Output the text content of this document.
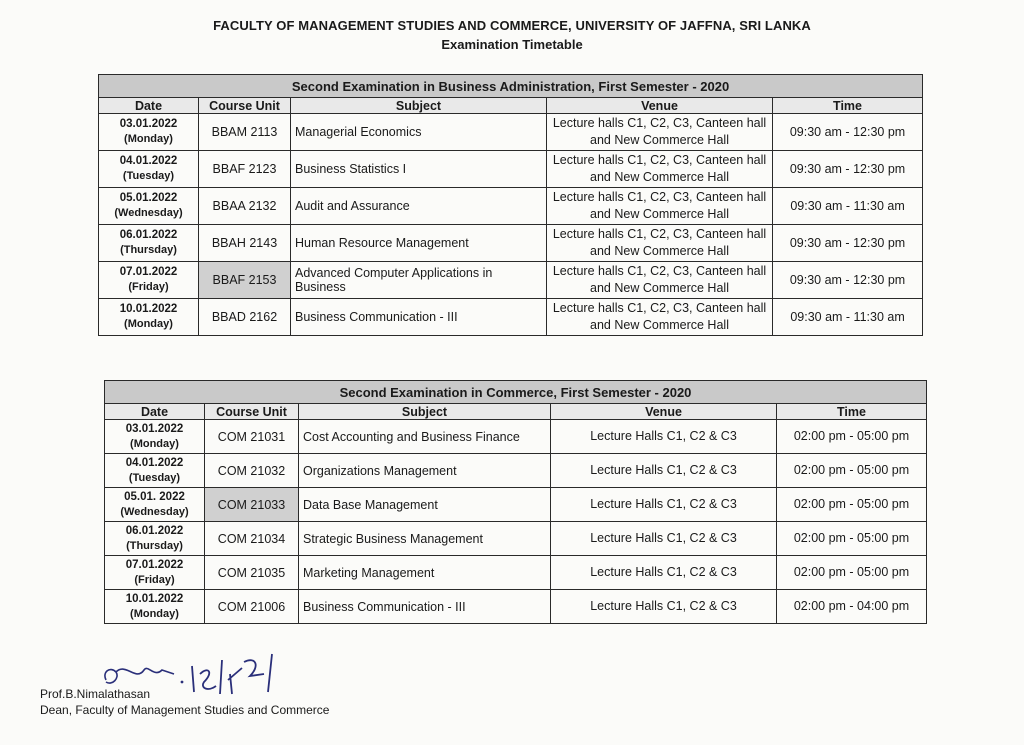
FACULTY OF MANAGEMENT STUDIES AND COMMERCE, UNIVERSITY OF JAFFNA, SRI LANKA
Examination Timetable
Second Examination in Business Administration, First Semester - 2020				
Date	Course Unit	Subject	Venue	Time

03.01.2022
(Monday)	BBAM 2113	Managerial Economics	Lecture halls C1, C2, C3, Canteen hall and New Commerce Hall	09:30 am - 12:30 pm

04.01.2022
(Tuesday)	BBAF 2123	Business Statistics I	Lecture halls C1, C2, C3, Canteen hall and New Commerce Hall	09:30 am - 12:30 pm

05.01.2022
(Wednesday)	BBAA 2132	Audit and Assurance	Lecture halls C1, C2, C3, Canteen hall and New Commerce Hall	09:30 am - 11:30 am

06.01.2022
(Thursday)	BBAH 2143	Human Resource Management	Lecture halls C1, C2, C3, Canteen hall and New Commerce Hall	09:30 am - 12:30 pm

07.01.2022
(Friday)	BBAF 2153	Advanced Computer Applications in Business	Lecture halls C1, C2, C3, Canteen hall and New Commerce Hall	09:30 am - 12:30 pm

10.01.2022
(Monday)	BBAD 2162	Business Communication - III	Lecture halls C1, C2, C3, Canteen hall and New Commerce Hall	09:30 am - 11:30 am
Second Examination in Commerce, First Semester - 2020				
Date	Course Unit	Subject	Venue	Time

03.01.2022
(Monday)	COM 21031	Cost Accounting and Business Finance	Lecture Halls C1, C2 & C3	02:00 pm - 05:00 pm

04.01.2022
(Tuesday)	COM 21032	Organizations Management	Lecture Halls C1, C2 & C3	02:00 pm - 05:00 pm

05.01. 2022
(Wednesday)	COM 21033	Data Base Management	Lecture Halls C1, C2 & C3	02:00 pm - 05:00 pm

06.01.2022
(Thursday)	COM 21034	Strategic Business Management	Lecture Halls C1, C2 & C3	02:00 pm - 05:00 pm

07.01.2022
(Friday)	COM 21035	Marketing Management	Lecture Halls C1, C2 & C3	02:00 pm - 05:00 pm

10.01.2022
(Monday)	COM 21006	Business Communication - III	Lecture Halls C1, C2 & C3	02:00 pm - 04:00 pm
Prof.B.Nimalathasan
Dean, Faculty of Management Studies and Commerce
